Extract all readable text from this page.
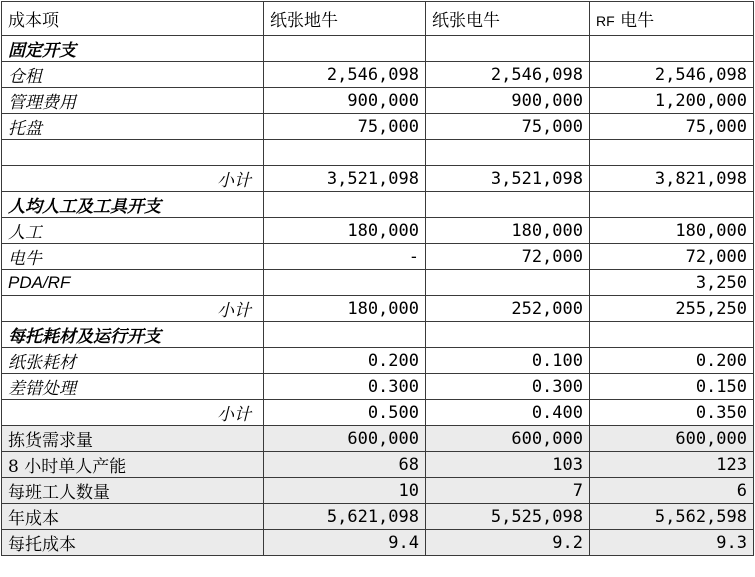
成本项	纸张地牛	纸张电牛	RF 电牛
固定开支			
仓租	2,546,098	2,546,098	2,546,098
管理费用	900,000	900,000	1,200,000
托盘	75,000	75,000	75,000

小计	3,521,098	3,521,098	3,821,098
人均人工及工具开支			
人工	180,000	180,000	180,000
电牛	-	72,000	72,000
PDA/RF			3,250
小计	180,000	252,000	255,250
每托耗材及运行开支			
纸张耗材	0.200	0.100	0.200
差错处理	0.300	0.300	0.150
小计	0.500	0.400	0.350
拣货需求量	600,000	600,000	600,000
8 小时单人产能	68	103	123
每班工人数量	10	7	6
年成本	5,621,098	5,525,098	5,562,598
每托成本	9.4	9.2	9.3
